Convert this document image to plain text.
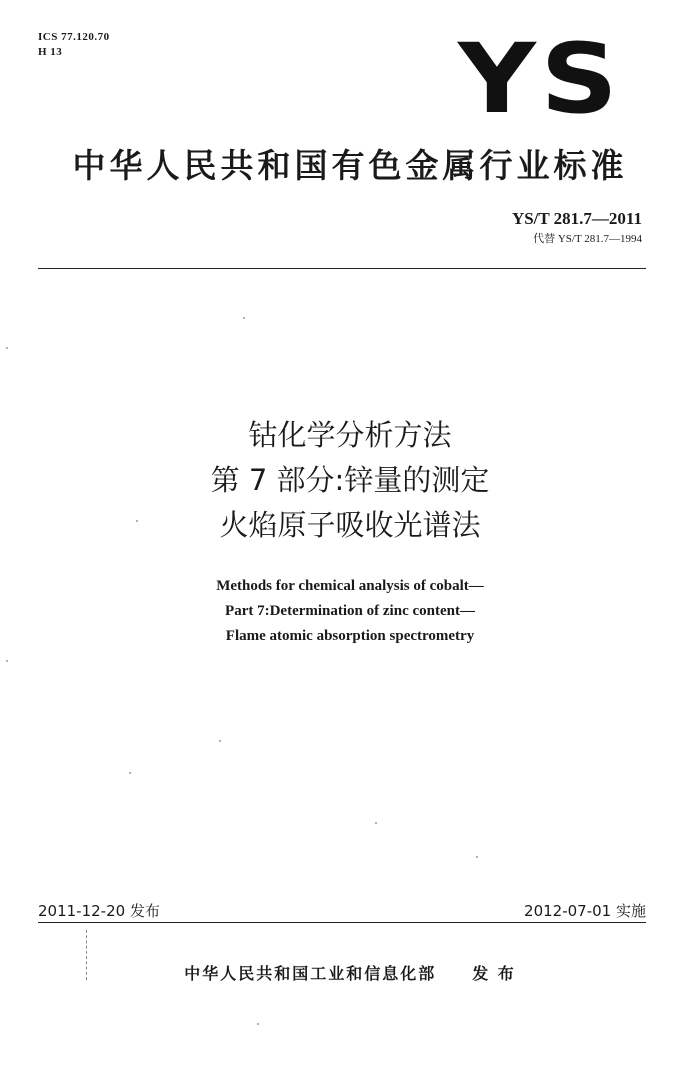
ICS 77.120.70
H 13	YS
中华人民共和国有色金属行业标准
YS/T 281.7—2011
代替 YS/T 281.7—1994
钴化学分析方法
第 7 部分:锌量的测定
火焰原子吸收光谱法
Methods for chemical analysis of cobalt—
Part 7:Determination of zinc content—
Flame atomic absorption spectrometry
2011-12-20 发布	2012-07-01 实施
中华人民共和国工业和信息化部 发 布
